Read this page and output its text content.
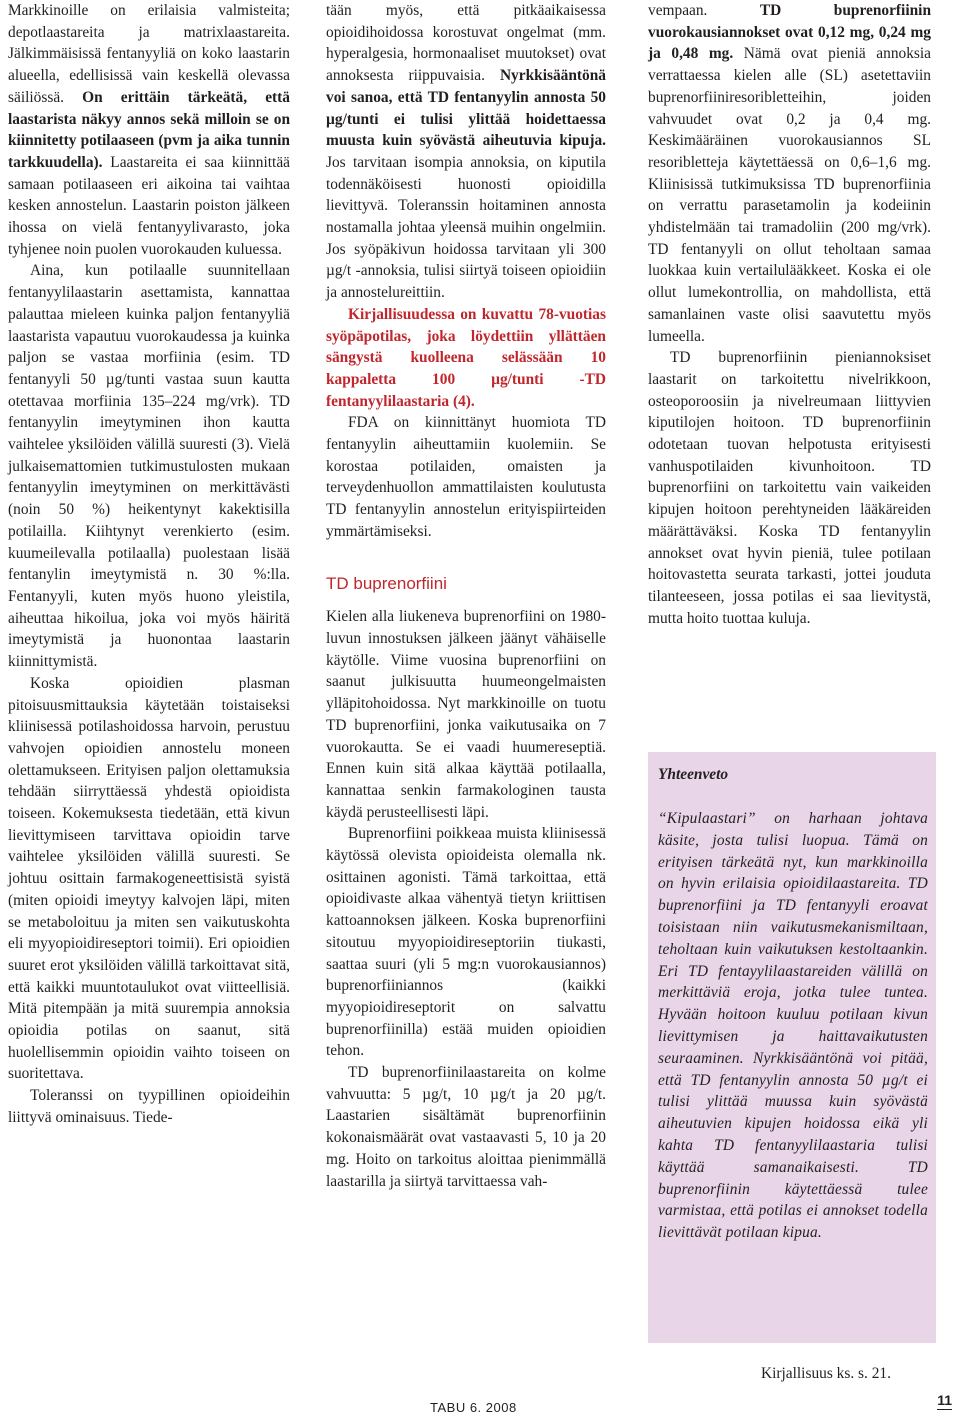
Markkinoille on erilaisia valmisteita; depotlaastareita ja matrixlaastareita. Jälkimmäisissä fentanyyliä on koko laastarin alueella, edellisissä vain keskellä olevassa säiliössä. On erittäin tärkeätä, että laastarista näkyy annos sekä milloin se on kiinnitetty potilaaseen (pvm ja aika tunnin tarkkuudella). Laastareita ei saa kiinnittää samaan potilaaseen eri aikoina tai vaihtaa kesken annostelun. Laastarin poiston jälkeen ihossa on vielä fentanyylivarasto, joka tyhjenee noin puolen vuorokauden kuluessa.

Aina, kun potilaalle suunnitellaan fentanyylilaastarin asettamista, kannattaa palauttaa mieleen kuinka paljon fentanyyliä laastarista vapautuu vuorokaudessa ja kuinka paljon se vastaa morfiinia (esim. TD fentanyyli 50 µg/tunti vastaa suun kautta otettavaa morfiinia 135–224 mg/vrk). TD fentanyylin imeytyminen ihon kautta vaihtelee yksilöiden välillä suuresti (3). Vielä julkaisemattomien tutkimustulosten mukaan fentanyylin imeytyminen on merkittävästi (noin 50 %) heikentynyt kakektisilla potilailla. Kiihtynyt verenkierto (esim. kuumeilevalla potilaalla) puolestaan lisää fentanylin imeytymistä n. 30 %:lla. Fentanyyli, kuten myös huono yleistila, aiheuttaa hikoilua, joka voi myös häiritä imeytymistä ja huonontaa laastarin kiinnittymistä.

Koska opioidien plasman pitoisuusmittauksia käytetään toistaiseksi kliinisessä potilashoidossa harvoin, perustuu vahvojen opioidien annostelu moneen olettamukseen. Erityisen paljon olettamuksia tehdään siirryttäessä yhdestä opioidista toiseen. Kokemuksesta tiedetään, että kivun lievittymiseen tarvittava opioidin tarve vaihtelee yksilöiden välillä suuresti. Se johtuu osittain farmakogeneettisistä syistä (miten opioidi imeytyy kalvojen läpi, miten se metaboloituu ja miten sen vaikutuskohta eli myyopioidireseptori toimii). Eri opioidien suuret erot yksilöiden välillä tarkoittavat sitä, että kaikki muuntotaulukot ovat viitteellisiä. Mitä pitempään ja mitä suurempia annoksia opioidia potilas on saanut, sitä huolellisemmin opioidin vaihto toiseen on suoritettava.

Toleranssi on tyypillinen opioideihin liittyvä ominaisuus. Tiede-

tään myös, että pitkäaikaisessa opioidihoidossa korostuvat ongelmat (mm. hyperalgesia, hormonaaliset muutokset) ovat annoksesta riippuvaisia. Nyrkkisääntönä voi sanoa, että TD fentanyylin annosta 50 µg/tunti ei tulisi ylittää hoidettaessa muusta kuin syövästä aiheutuvia kipuja. Jos tarvitaan isompia annoksia, on kiputila todennäköisesti huonosti opioidilla lievittyvä. Toleranssin hoitaminen annosta nostamalla johtaa yleensä muihin ongelmiin. Jos syöpäkivun hoidossa tarvitaan yli 300 µg/t -annoksia, tulisi siirtyä toiseen opioidiin ja annostelureittiin.

Kirjallisuudessa on kuvattu 78-vuotias syöpäpotilas, joka löydettiin yllättäen sängystä kuolleena selässään 10 kappaletta 100 µg/tunti -TD fentanyylilaastaria (4).

FDA on kiinnittänyt huomiota TD fentanyylin aiheuttamiin kuolemiin. Se korostaa potilaiden, omaisten ja terveydenhuollon ammattilaisten koulutusta TD fentanyylin annostelun erityispiirteiden ymmärtämiseksi.

TD buprenorfiini

Kielen alla liukeneva buprenorfiini on 1980-luvun innostuksen jälkeen jäänyt vähäiselle käytölle. Viime vuosina buprenorfiini on saanut julkisuutta huumeongelmaisten ylläpitohoidossa. Nyt markkinoille on tuotu TD buprenorfiini, jonka vaikutusaika on 7 vuorokautta. Se ei vaadi huumereseptiä. Ennen kuin sitä alkaa käyttää potilaalla, kannattaa senkin farmakologinen tausta käydä perusteellisesti läpi.

Buprenorfiini poikkeaa muista kliinisessä käytössä olevista opioideista olemalla nk. osittainen agonisti. Tämä tarkoittaa, että opioidivaste alkaa vähentyä tietyn kriittisen kattoannoksen jälkeen. Koska buprenorfiini sitoutuu myyopioidireseptoriin tiukasti, saattaa suuri (yli 5 mg:n vuorokausiannos) buprenorfiiniannos (kaikki myyopioidireseptorit on salvattu buprenorfiinilla) estää muiden opioidien tehon.

TD buprenorfiinilaastareita on kolme vahvuutta: 5 µg/t, 10 µg/t ja 20 µg/t. Laastarien sisältämät buprenorfiinin kokonaismäärät ovat vastaavasti 5, 10 ja 20 mg. Hoito on tarkoitus aloittaa pienimmällä laastarilla ja siirtyä tarvittaessa vah-

vempaan. TD buprenorfiinin vuorokausiannokset ovat 0,12 mg, 0,24 mg ja 0,48 mg. Nämä ovat pieniä annoksia verrattaessa kielen alle (SL) asetettaviin buprenorfiiniresoribletteihin, joiden vahvuudet ovat 0,2 ja 0,4 mg. Keskimääräinen vuorokausiannos SL resoribletteja käytettäessä on 0,6–1,6 mg. Kliinisissä tutkimuksissa TD buprenorfiinia on verrattu parasetamolin ja kodeiinin yhdistelmään tai tramadoliin (200 mg/vrk). TD fentanyyli on ollut teholtaan samaa luokkaa kuin vertailulääkkeet. Koska ei ole ollut lumekontrollia, on mahdollista, että samanlainen vaste olisi saavutettu myös lumeella.

TD buprenorfiinin pieniannoksiset laastarit on tarkoitettu nivelrikkoon, osteoporoosiin ja nivelreumaan liittyvien kiputilojen hoitoon. TD buprenorfiinin odotetaan tuovan helpotusta erityisesti vanhuspotilaiden kivunhoitoon. TD buprenorfiini on tarkoitettu vain vaikeiden kipujen hoitoon perehtyneiden lääkäreiden määrättäväksi. Koska TD fentanyylin annokset ovat hyvin pieniä, tulee potilaan hoitovastetta seurata tarkasti, jottei jouduta tilanteeseen, jossa potilas ei saa lievitystä, mutta hoito tuottaa kuluja.

Yhteenveto
“Kipulaastari” on harhaan johtava käsite, josta tulisi luopua. Tämä on erityisen tärkeätä nyt, kun markkinoilla on hyvin erilaisia opioidilaastareita. TD buprenorfiini ja TD fentanyyli eroavat toisistaan niin vaikutusmekanismiltaan, teholtaan kuin vaikutuksen kestoltaankin. Eri TD fentayylilaastareiden välillä on merkittäviä eroja, jotka tulee tuntea. Hyvään hoitoon kuuluu potilaan kivun lievittymisen ja haittavaikutusten seuraaminen. Nyrkkisääntönä voi pitää, että TD fentanyylin annosta 50 µg/t ei tulisi ylittää muussa kuin syövästä aiheutuvien kipujen hoidossa eikä yli kahta TD fentanyylilaastaria tulisi käyttää samanaikaisesti. TD buprenorfiinin käytettäessä tulee varmistaa, että potilas ei annokset todella lievittävät potilaan kipua.
Kirjallisuus ks. s. 21.
TABU 6. 2008	11
